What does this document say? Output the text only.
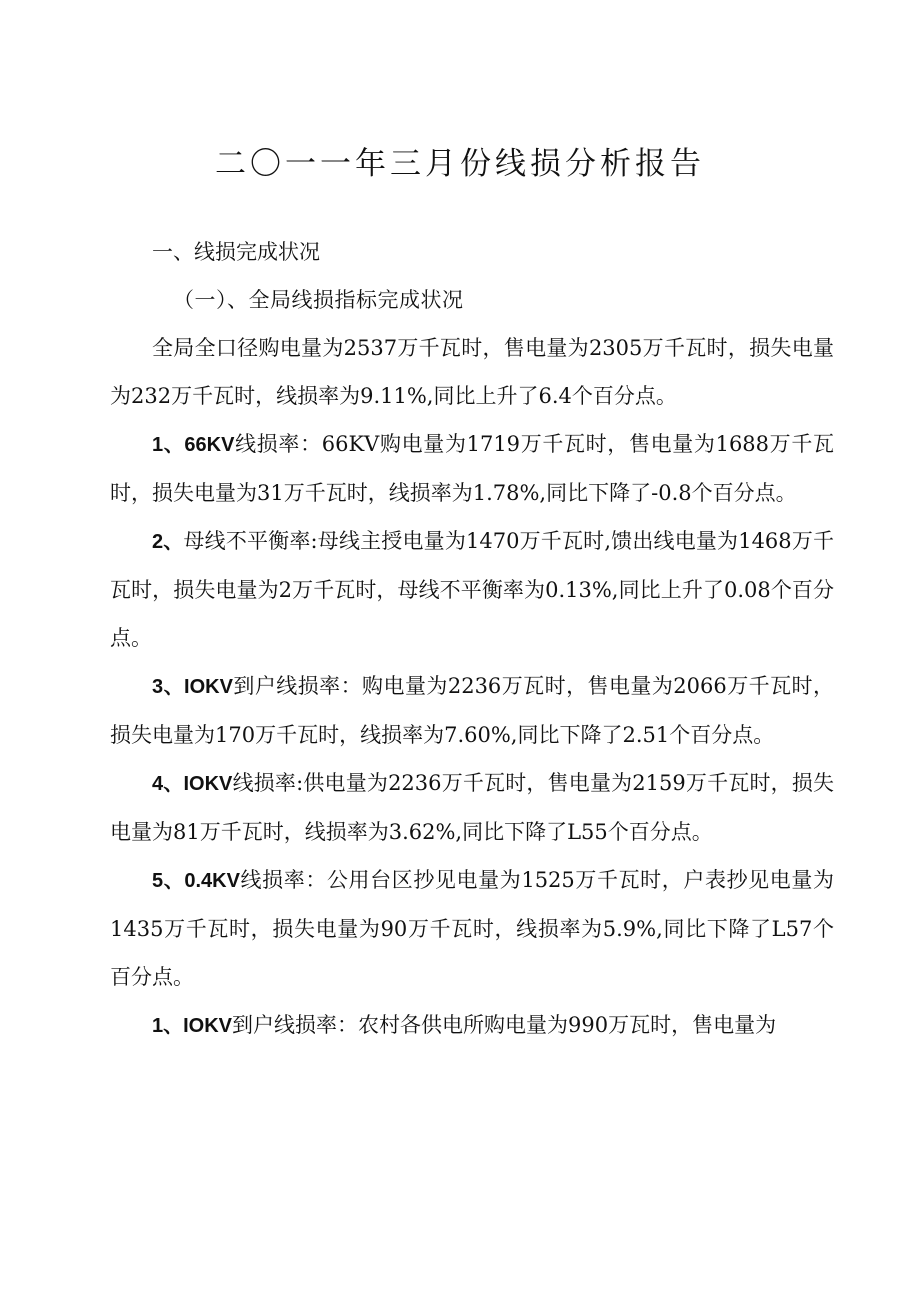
二〇一一年三月份线损分析报告

一、线损完成状况

（一）、全局线损指标完成状况

全局全口径购电量为2537万千瓦时，售电量为2305万千瓦时，损失电量为232万千瓦时，线损率为9.11%,同比上升了6.4个百分点。

1、66KV线损率：66KV购电量为1719万千瓦时，售电量为1688万千瓦时，损失电量为31万千瓦时，线损率为1.78%,同比下降了-0.8个百分点。

2、母线不平衡率:母线主授电量为1470万千瓦时,馈出线电量为1468万千瓦时，损失电量为2万千瓦时，母线不平衡率为0.13%,同比上升了0.08个百分点。

3、IOKV到户线损率：购电量为2236万瓦时，售电量为2066万千瓦时，损失电量为170万千瓦时，线损率为7.60%,同比下降了2.51个百分点。

4、IOKV线损率:供电量为2236万千瓦时，售电量为2159万千瓦时，损失电量为81万千瓦时，线损率为3.62%,同比下降了L55个百分点。

5、0.4KV线损率：公用台区抄见电量为1525万千瓦时，户表抄见电量为1435万千瓦时，损失电量为90万千瓦时，线损率为5.9%,同比下降了L57个百分点。

1、IOKV到户线损率：农村各供电所购电量为990万瓦时，售电量为
